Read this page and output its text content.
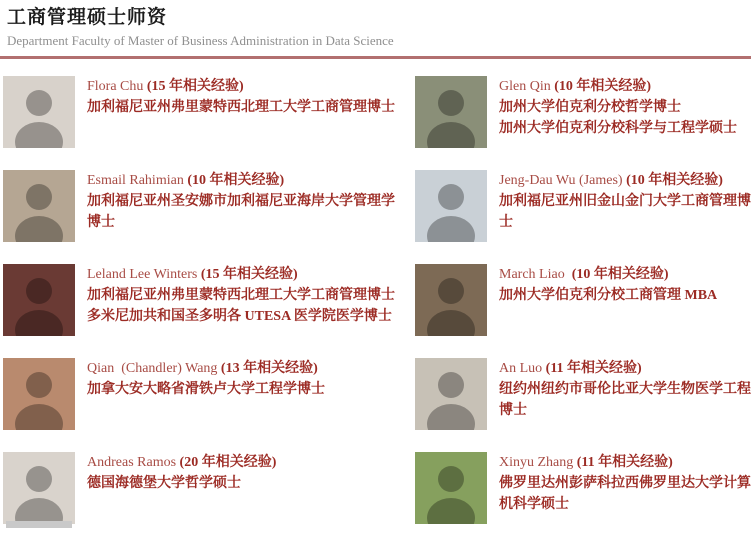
工商管理硕士师资
Department Faculty of Master of Business Administration in Data Science
Flora Chu (15 年相关经验)
加利福尼亚州弗里蒙特西北理工大学工商管理博士
Glen Qin (10 年相关经验)
加州大学伯克利分校哲学博士
加州大学伯克利分校科学与工程学硕士
Esmail Rahimian (10 年相关经验)
加利福尼亚州圣安娜市加利福尼亚海岸大学管理学博士
Jeng-Dau Wu (James) (10 年相关经验)
加利福尼亚州旧金山金门大学工商管理博士
Leland Lee Winters (15 年相关经验)
加利福尼亚州弗里蒙特西北理工大学工商管理博士
多米尼加共和国圣多明各 UTESA 医学院医学博士
March Liao  (10 年相关经验)
加州大学伯克利分校工商管理 MBA
Qian  (Chandler) Wang (13 年相关经验)
加拿大安大略省滑铁卢大学工程学博士
An Luo (11 年相关经验)
纽约州纽约市哥伦比亚大学生物医学工程博士
Andreas Ramos (20 年相关经验)
德国海德堡大学哲学硕士
Xinyu Zhang (11 年相关经验)
佛罗里达州彭萨科拉西佛罗里达大学计算机科学硕士
